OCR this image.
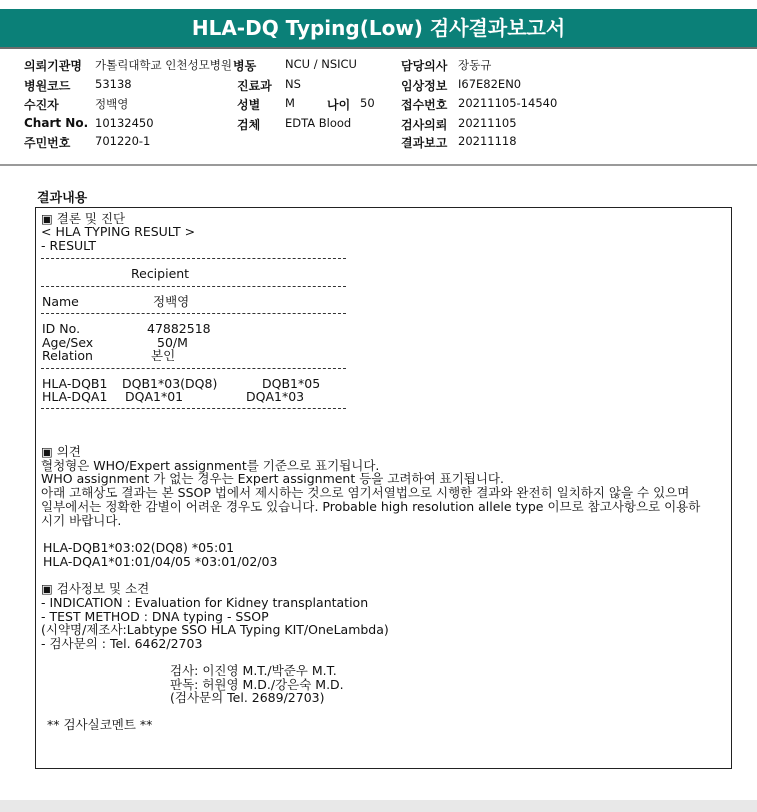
HLA-DQ Typing(Low) 검사결과보고서
의뢰기관명 가톨릭대학교 인천성모병원 병동	NCU / NSICU	담당의사 장동규
병원코드 53138	진료과 NS	임상정보 I67E82EN0
수진자	정백영	성별 M	나이 50 접수번호 20211105-14540
Chart No. 10132450	검체 EDTA Blood	검사의뢰 20211105
주민번호 701220-1	결과보고 20211118
결과내용
▣ 결론 및 진단
< HLA TYPING RESULT >
- RESULT
Recipient
Name	정백영
ID No.	47882518
Age/Sex	50/M
Relation	본인
HLA-DQB1 DQB1*03(DQ8)	DQB1*05
HLA-DQA1 DQA1*01	DQA1*03
▣ 의견
혈청형은 WHO/Expert assignment를 기준으로 표기됩니다.
WHO assignment 가 없는 경우는 Expert assignment 등을 고려하여 표기됩니다.
아래 고해상도 결과는 본 SSOP 법에서 제시하는 것으로 염기서열법으로 시행한 결과와 완전히 일치하지 않을 수 있으며
일부에서는 정확한 감별이 어려운 경우도 있습니다. Probable high resolution allele type 이므로 참고사항으로 이용하
시기 바랍니다.
HLA-DQB1*03:02(DQ8) *05:01
HLA-DQA1*01:01/04/05 *03:01/02/03
▣ 검사정보 및 소견
- INDICATION : Evaluation for Kidney transplantation
- TEST METHOD : DNA typing - SSOP
(시약명/제조사:Labtype SSO HLA Typing KIT/OneLambda)
- 검사문의 : Tel. 6462/2703
검사: 이진영 M.T./박준우 M.T.
판독: 허원영 M.D./강은숙 M.D.
(검사문의 Tel. 2689/2703)
** 검사실코멘트 **
